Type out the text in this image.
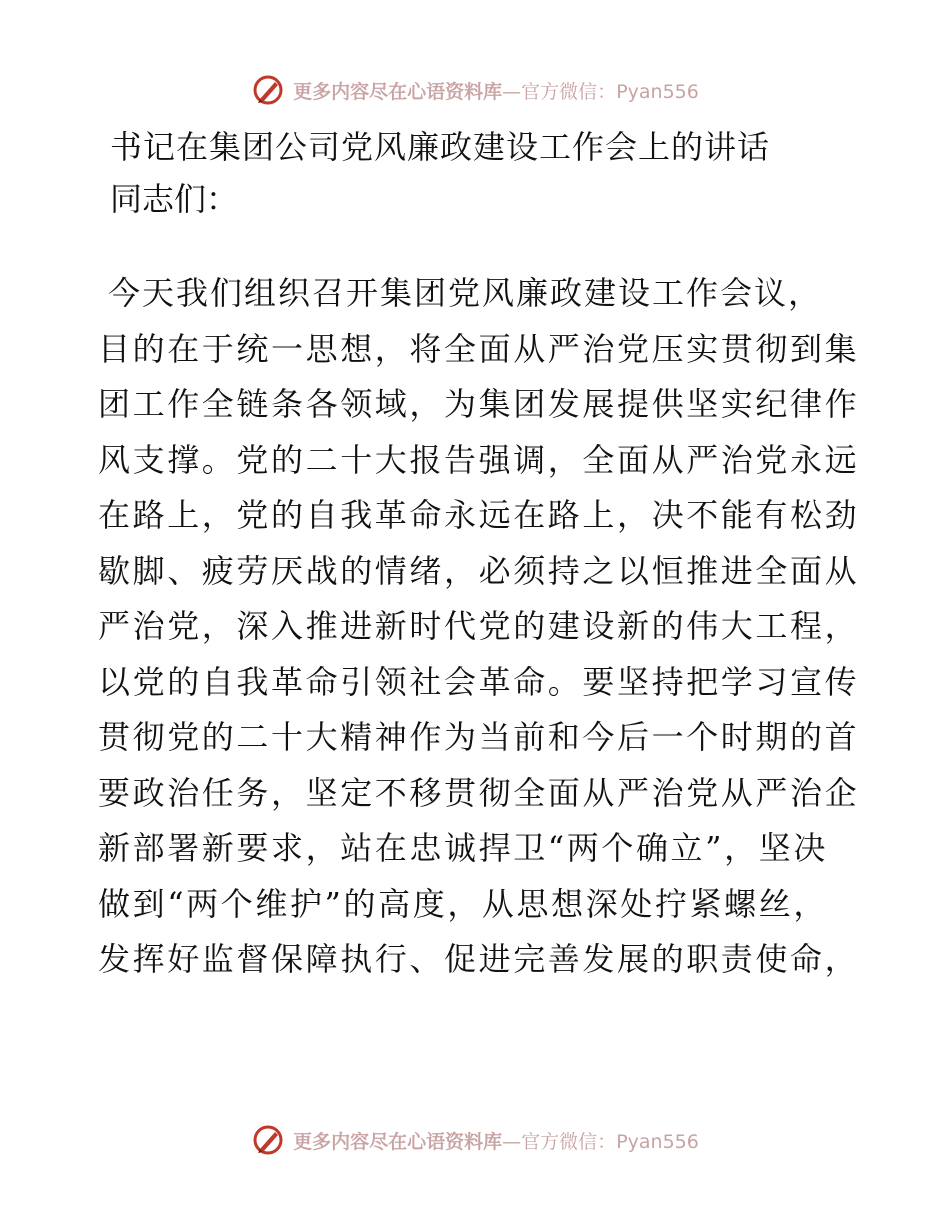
更多内容尽在心语资料库—官方微信：Pyan556
书记在集团公司党风廉政建设工作会上的讲话
同志们：
今天我们组织召开集团党风廉政建设工作会议，
目的在于统一思想，将全面从严治党压实贯彻到集
团工作全链条各领域，为集团发展提供坚实纪律作
风支撑。党的二十大报告强调，全面从严治党永远
在路上，党的自我革命永远在路上，决不能有松劲
歇脚、疲劳厌战的情绪，必须持之以恒推进全面从
严治党，深入推进新时代党的建设新的伟大工程，
以党的自我革命引领社会革命。要坚持把学习宣传
贯彻党的二十大精神作为当前和今后一个时期的首
要政治任务，坚定不移贯彻全面从严治党从严治企
新部署新要求，站在忠诚捍卫“两个确立”，坚决
做到“两个维护”的高度，从思想深处拧紧螺丝，
发挥好监督保障执行、促进完善发展的职责使命，
更多内容尽在心语资料库—官方微信：Pyan556
